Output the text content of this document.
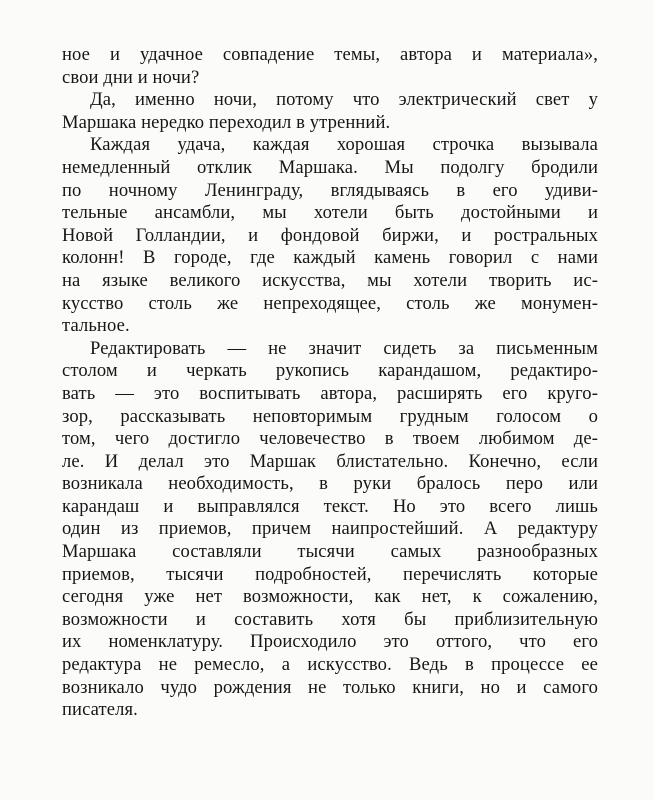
ное и удачное совпадение темы, автора и материала»,
свои дни и ночи?

Да, именно ночи, потому что электрический свет у
Маршака нередко переходил в утренний.

Каждая удача, каждая хорошая строчка вызывала
немедленный отклик Маршака. Мы подолгу бродили
по ночному Ленинграду, вглядываясь в его удиви-
тельные ансамбли, мы хотели быть достойными и
Новой Голландии, и фондовой биржи, и ростральных
колонн! В городе, где каждый камень говорил с нами
на языке великого искусства, мы хотели творить ис-
кусство столь же непреходящее, столь же монумен-
тальное.

Редактировать — не значит сидеть за письменным
столом и черкать рукопись карандашом, редактиро-
вать — это воспитывать автора, расширять его круго-
зор, рассказывать неповторимым грудным голосом о
том, чего достигло человечество в твоем любимом де-
ле. И делал это Маршак блистательно. Конечно, если
возникала необходимость, в руки бралось перо или
карандаш и выправлялся текст. Но это всего лишь
один из приемов, причем наипростейший. А редактуру
Маршака составляли тысячи самых разнообразных
приемов, тысячи подробностей, перечислять которые
сегодня уже нет возможности, как нет, к сожалению,
возможности и составить хотя бы приблизительную
их номенклатуру. Происходило это оттого, что его
редактура не ремесло, а искусство. Ведь в процессе ее
возникало чудо рождения не только книги, но и самого
писателя.
